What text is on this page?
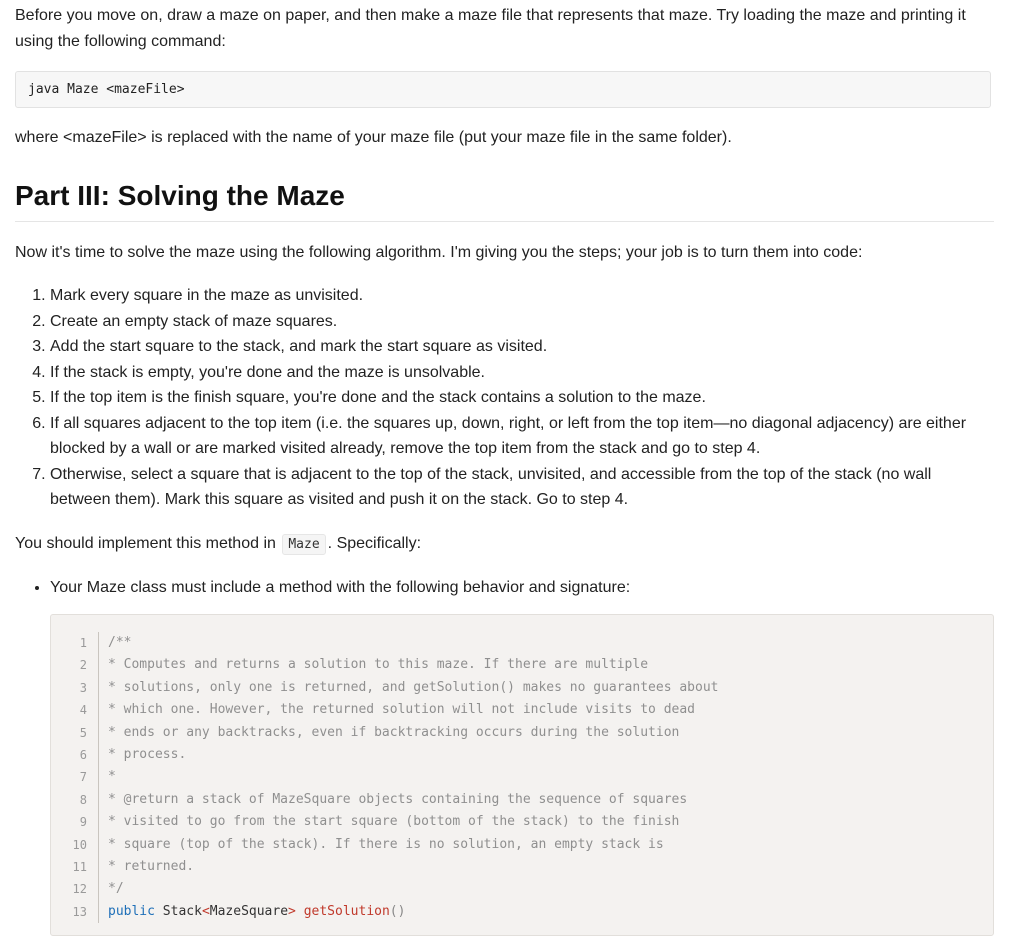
Before you move on, draw a maze on paper, and then make a maze file that represents that maze. Try loading the maze and printing it using the following command:

java Maze <mazeFile>

where <mazeFile> is replaced with the name of your maze file (put your maze file in the same folder).

Part III: Solving the Maze

Now it's time to solve the maze using the following algorithm. I'm giving you the steps; your job is to turn them into code:

1. Mark every square in the maze as unvisited.
2. Create an empty stack of maze squares.
3. Add the start square to the stack, and mark the start square as visited.
4. If the stack is empty, you're done and the maze is unsolvable.
5. If the top item is the finish square, you're done and the stack contains a solution to the maze.
6. If all squares adjacent to the top item (i.e. the squares up, down, right, or left from the top item—no diagonal adjacency) are either blocked by a wall or are marked visited already, remove the top item from the stack and go to step 4.
7. Otherwise, select a square that is adjacent to the top of the stack, unvisited, and accessible from the top of the stack (no wall between them). Mark this square as visited and push it on the stack. Go to step 4.

You should implement this method in Maze . Specifically:

• Your Maze class must include a method with the following behavior and signature:
1	/**
2	* Computes and returns a solution to this maze. If there are multiple
3	* solutions, only one is returned, and getSolution() makes no guarantees about
4	* which one. However, the returned solution will not include visits to dead
5	* ends or any backtracks, even if backtracking occurs during the solution
6	* process.
7	*
8	* @return a stack of MazeSquare objects containing the sequence of squares
9	* visited to go from the start square (bottom of the stack) to the finish
10	* square (top of the stack). If there is no solution, an empty stack is
11	* returned.
12	*/
13	public Stack<MazeSquare> getSolution()
